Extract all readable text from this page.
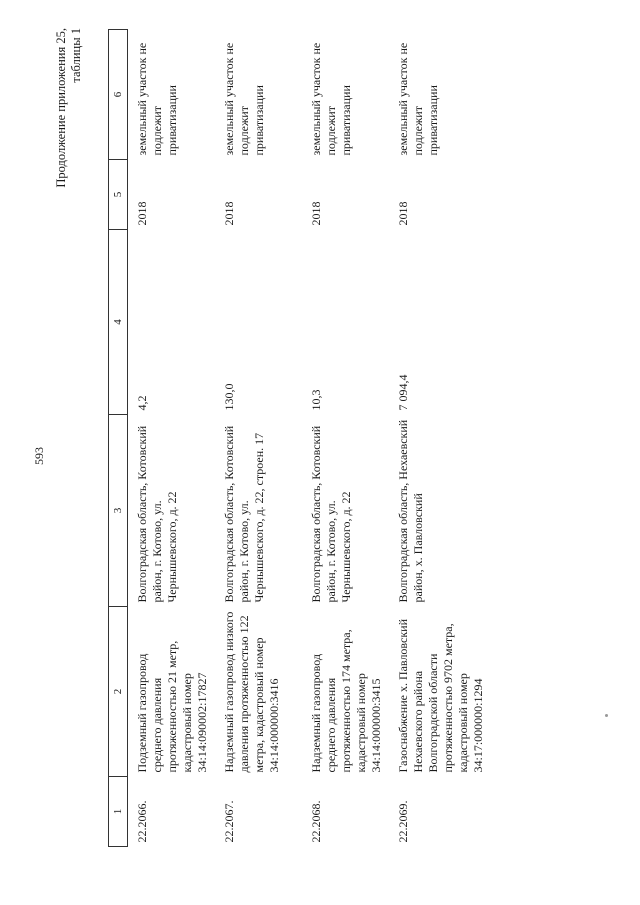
593
Продолжение приложения 25, таблицы 1
1	2	3	4	5	6
22.2066.	Подземный газопровод среднего давления протяженностью 21 метр, кадастровый номер 34:14:090002:17827	Волгоградская область, Котовский район, г. Котово, ул. Чернышевского, д. 22	4,2	2018	земельный участок не подлежит приватизации
22.2067.	Надземный газопровод низкого давления протяженностью 122 метра, кадастровый номер 34:14:000000:3416	Волгоградская область, Котовский район, г. Котово, ул. Чернышевского, д. 22, строен. 17	130,0	2018	земельный участок не подлежит приватизации
22.2068.	Надземный газопровод среднего давления протяженностью 174 метра, кадастровый номер 34:14:000000:3415	Волгоградская область, Котовский район, г. Котово, ул. Чернышевского, д. 22	10,3	2018	земельный участок не подлежит приватизации
22.2069.	Газоснабжение х. Павловский Нехаевского района Волгоградской области протяженностью 9702 метра, кадастровый номер 34:17:000000:1294	Волгоградская область, Нехаевский район, х. Павловский	7 094,4	2018	земельный участок не подлежит приватизации
